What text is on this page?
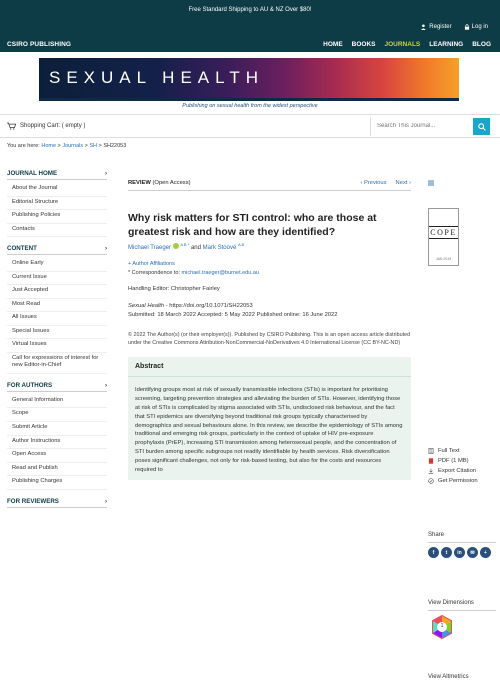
Free Standard Shipping to AU & NZ Over $80!
Register	Log in
CSIRO PUBLISHING	HOME BOOKS JOURNALS LEARNING BLOG
SEXUAL HEALTH
Publishing on sexual health from the widest perspective
Shopping Cart: ( empty )
Search This Journal...
You are here: Home > Journals > SH > SH22053
JOURNAL HOME	›
About the Journal
Editorial Structure
Publishing Policies
Contacts
CONTENT	›
Online Early
Current Issue
Just Accepted
Most Read
All Issues
Special Issues
Virtual Issues
Call for expressions of interest for new Editor-in-Chief
FOR AUTHORS	›
General Information
Scope
Submit Article
Author Instructions
Open Access
Read and Publish
Publishing Charges
FOR REVIEWERS	›
REVIEW (Open Access)	‹ Previous Next ›
Why risk matters for STI control: who are those at greatest risk and how are they identified?
Michael Traeger  $^{A B *}$ and Mark Stoové $^{A B}$
+ Author Affiliations
* Correspondence to: michael.traeger@burnet.edu.au
Handling Editor: Christopher Fairley
Sexual Health - https://doi.org/10.1071/SH22053
Submitted: 18 March 2022 Accepted: 5 May 2022 Published online: 16 June 2022
© 2022 The Author(s) (or their employer(s)). Published by CSIRO Publishing. This is an open access article distributed under the Creative Commons Attribution-NonCommercial-NoDerivatives 4.0 International License (CC BY-NC-ND)
Abstract
Identifying groups most at risk of sexually transmissible infections (STIs) is important for prioritising screening, targeting prevention strategies and alleviating the burden of STIs. However, identifying those at risk of STIs is complicated by stigma associated with STIs, undisclosed risk behaviour, and the fact that STI epidemics are diversifying beyond traditional risk groups typically characterised by demographics and sexual behaviours alone. In this review, we describe the epidemiology of STIs among traditional and emerging risk groups, particularly in the context of uptake of HIV pre-exposure prophylaxis (PrEP), increasing STI transmission among heterosexual people, and the concentration of STI burden among specific subgroups not readily identifiable by health services. Risk diversification poses significant challenges, not only for risk-based testing, but also for the costs and resources required to
COPE
JAN 2019
Full Text
PDF (1 MB)
Export Citation
Get Permission
Share
f	t	in	✉	+
View Dimensions
1
View Altmetrics
